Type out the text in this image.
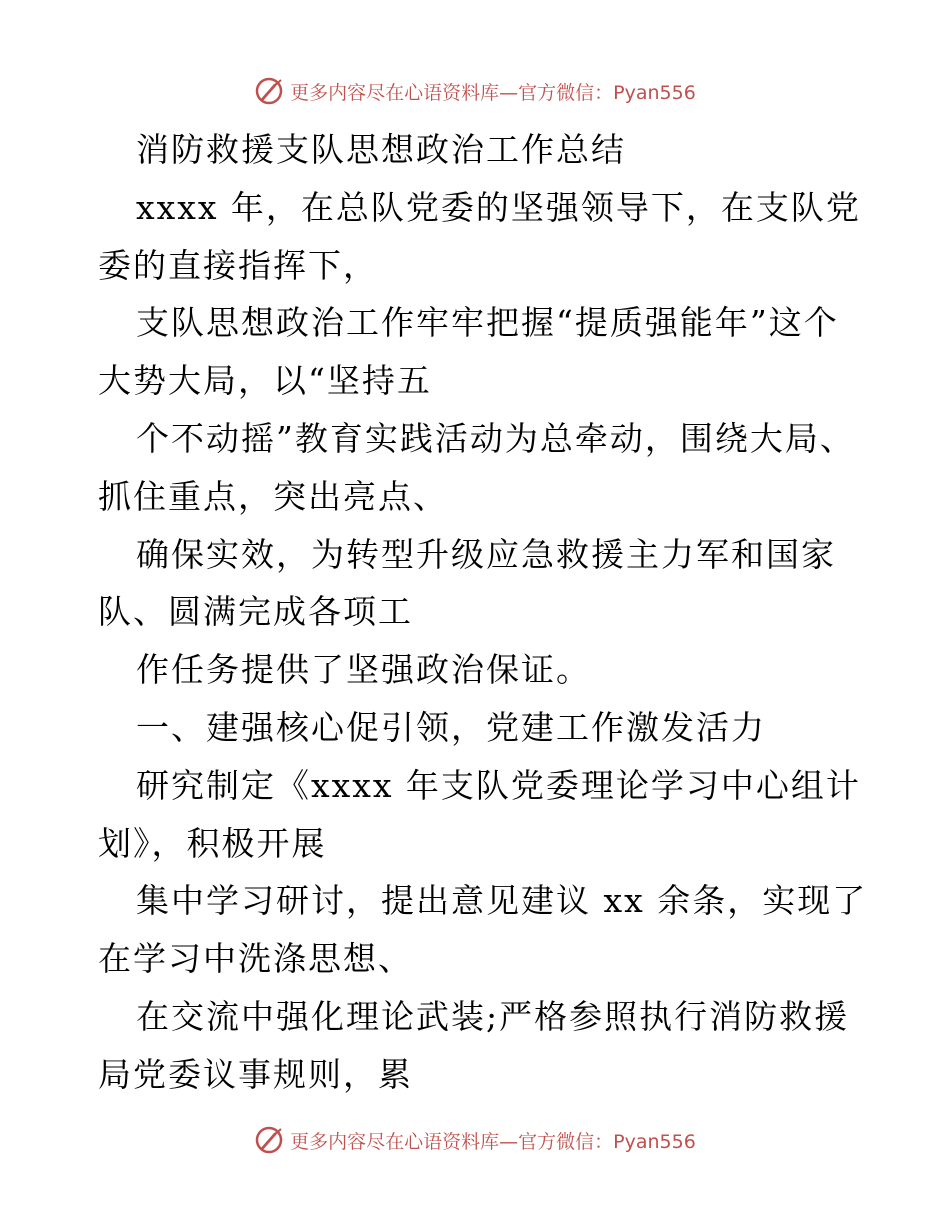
更多内容尽在心语资料库 —官方微信：Pyan556
消防救援支队思想政治工作总结
xxxx 年，在总队党委的坚强领导下，在支队党
委的直接指挥下，
支队思想政治工作牢牢把握“提质强能年”这个
大势大局，以“坚持五
个不动摇”教育实践活动为总牵动，围绕大局、
抓住重点，突出亮点、
确保实效，为转型升级应急救援主力军和国家
队、圆满完成各项工
作任务提供了坚强政治保证。
一、建强核心促引领，党建工作激发活力
研究制定《xxxx 年支队党委理论学习中心组计
划》，积极开展
集中学习研讨，提出意见建议 xx 余条，实现了
在学习中洗涤思想、
在交流中强化理论武装;严格参照执行消防救援
局党委议事规则，累
更多内容尽在心语资料库 —官方微信：Pyan556
